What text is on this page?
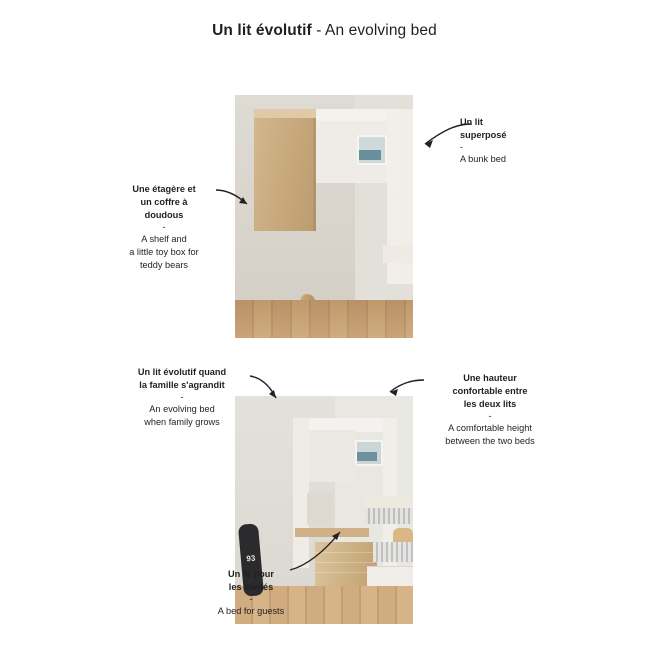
Un lit évolutif - An evolving bed
93
Un lit
superposé
-
A bunk bed
Une étagère et
un coffre à
doudous
-
A shelf and
a little toy box for
teddy bears
Un lit évolutif quand
la famille s'agrandit
-
An evolving bed
when family grows
Une hauteur
confortable entre
les deux lits
-
A comfortable height
between the two beds
Un lit pour
les invités
-
A bed for guests
